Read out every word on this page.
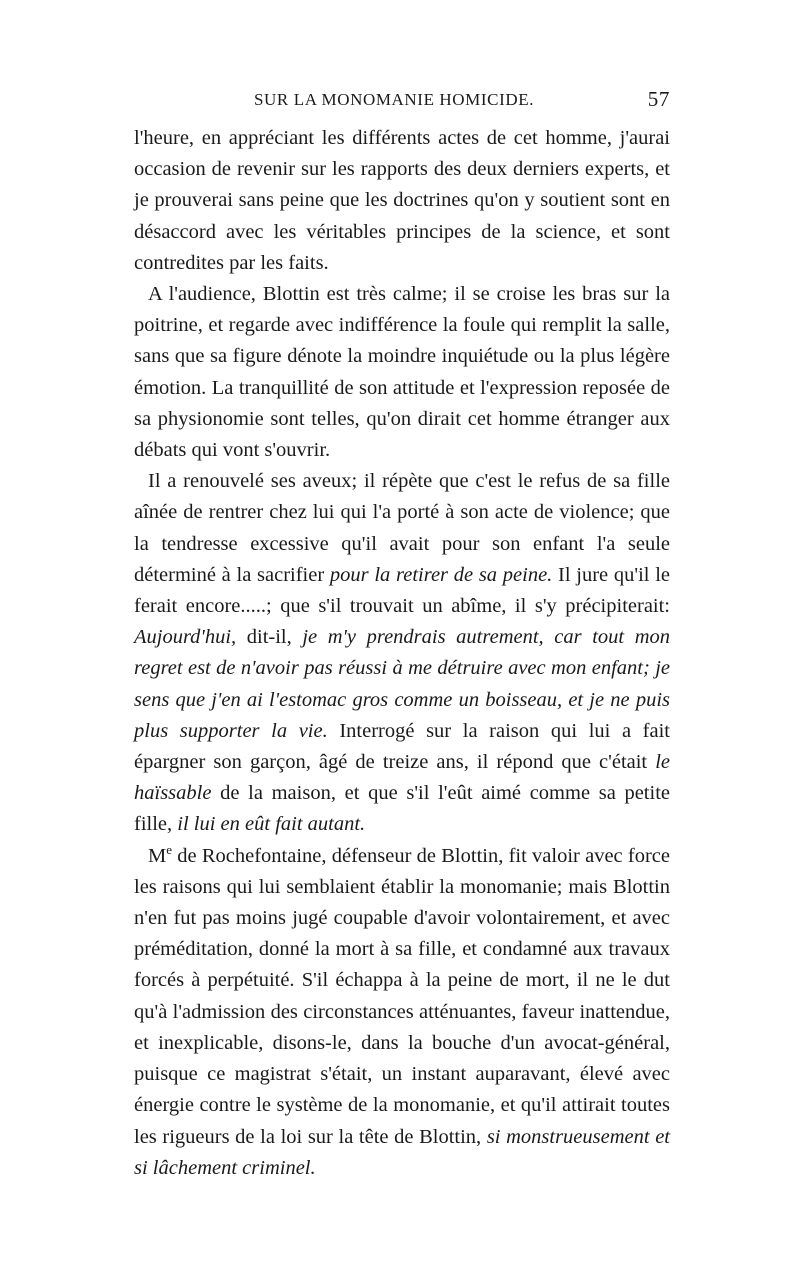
SUR LA MONOMANIE HOMICIDE.	57

l'heure, en appréciant les différents actes de cet homme, j'aurai occasion de revenir sur les rapports des deux derniers experts, et je prouverai sans peine que les doctrines qu'on y soutient sont en désaccord avec les véritables principes de la science, et sont contredites par les faits.

A l'audience, Blottin est très calme; il se croise les bras sur la poitrine, et regarde avec indifférence la foule qui remplit la salle, sans que sa figure dénote la moindre inquiétude ou la plus légère émotion. La tranquillité de son attitude et l'expression reposée de sa physionomie sont telles, qu'on dirait cet homme étranger aux débats qui vont s'ouvrir.

Il a renouvelé ses aveux; il répète que c'est le refus de sa fille aînée de rentrer chez lui qui l'a porté à son acte de violence; que la tendresse excessive qu'il avait pour son enfant l'a seule déterminé à la sacrifier pour la retirer de sa peine. Il jure qu'il le ferait encore.....; que s'il trouvait un abîme, il s'y précipiterait: Aujourd'hui, dit-il, je m'y prendrais autrement, car tout mon regret est de n'avoir pas réussi à me détruire avec mon enfant; je sens que j'en ai l'estomac gros comme un boisseau, et je ne puis plus supporter la vie. Interrogé sur la raison qui lui a fait épargner son garçon, âgé de treize ans, il répond que c'était le haïssable de la maison, et que s'il l'eût aimé comme sa petite fille, il lui en eût fait autant.

Me de Rochefontaine, défenseur de Blottin, fit valoir avec force les raisons qui lui semblaient établir la monomanie; mais Blottin n'en fut pas moins jugé coupable d'avoir volontairement, et avec préméditation, donné la mort à sa fille, et condamné aux travaux forcés à perpétuité. S'il échappa à la peine de mort, il ne le dut qu'à l'admission des circonstances atténuantes, faveur inattendue, et inexplicable, disons-le, dans la bouche d'un avocat-général, puisque ce magistrat s'était, un instant auparavant, élevé avec énergie contre le système de la monomanie, et qu'il attirait toutes les rigueurs de la loi sur la tête de Blottin, si monstrueusement et si lâchement criminel.
